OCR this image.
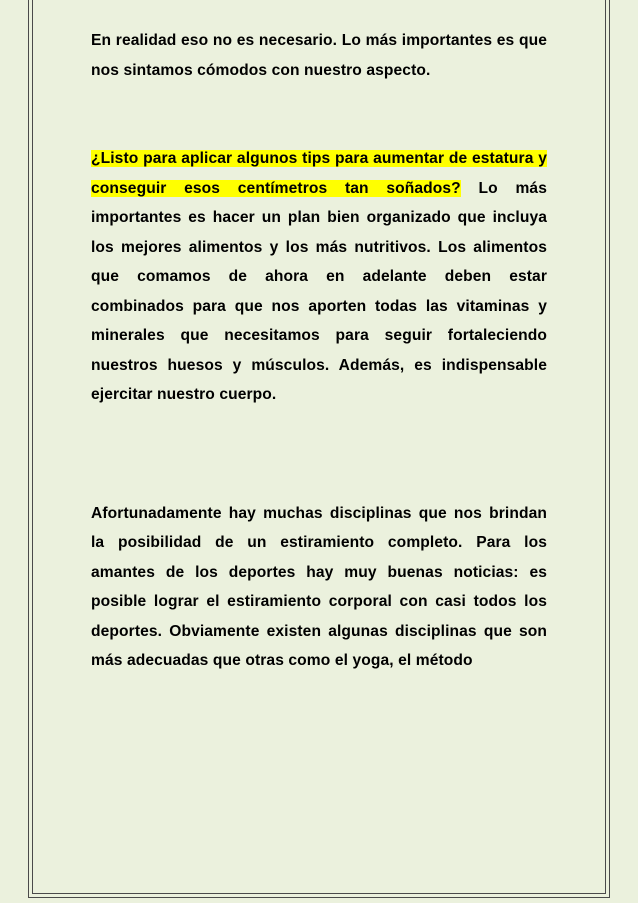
En realidad eso no es necesario. Lo más importantes es que nos sintamos cómodos con nuestro aspecto.

¿Listo para aplicar algunos tips para aumentar de estatura y conseguir esos centímetros tan soñados? Lo más importantes es hacer un plan bien organizado que incluya los mejores alimentos y los más nutritivos. Los alimentos que comamos de ahora en adelante deben estar combinados para que nos aporten todas las vitaminas y minerales que necesitamos para seguir fortaleciendo nuestros huesos y músculos. Además, es indispensable ejercitar nuestro cuerpo.

Afortunadamente hay muchas disciplinas que nos brindan la posibilidad de un estiramiento completo. Para los amantes de los deportes hay muy buenas noticias: es posible lograr el estiramiento corporal con casi todos los deportes. Obviamente existen algunas disciplinas que son más adecuadas que otras como el yoga, el método
